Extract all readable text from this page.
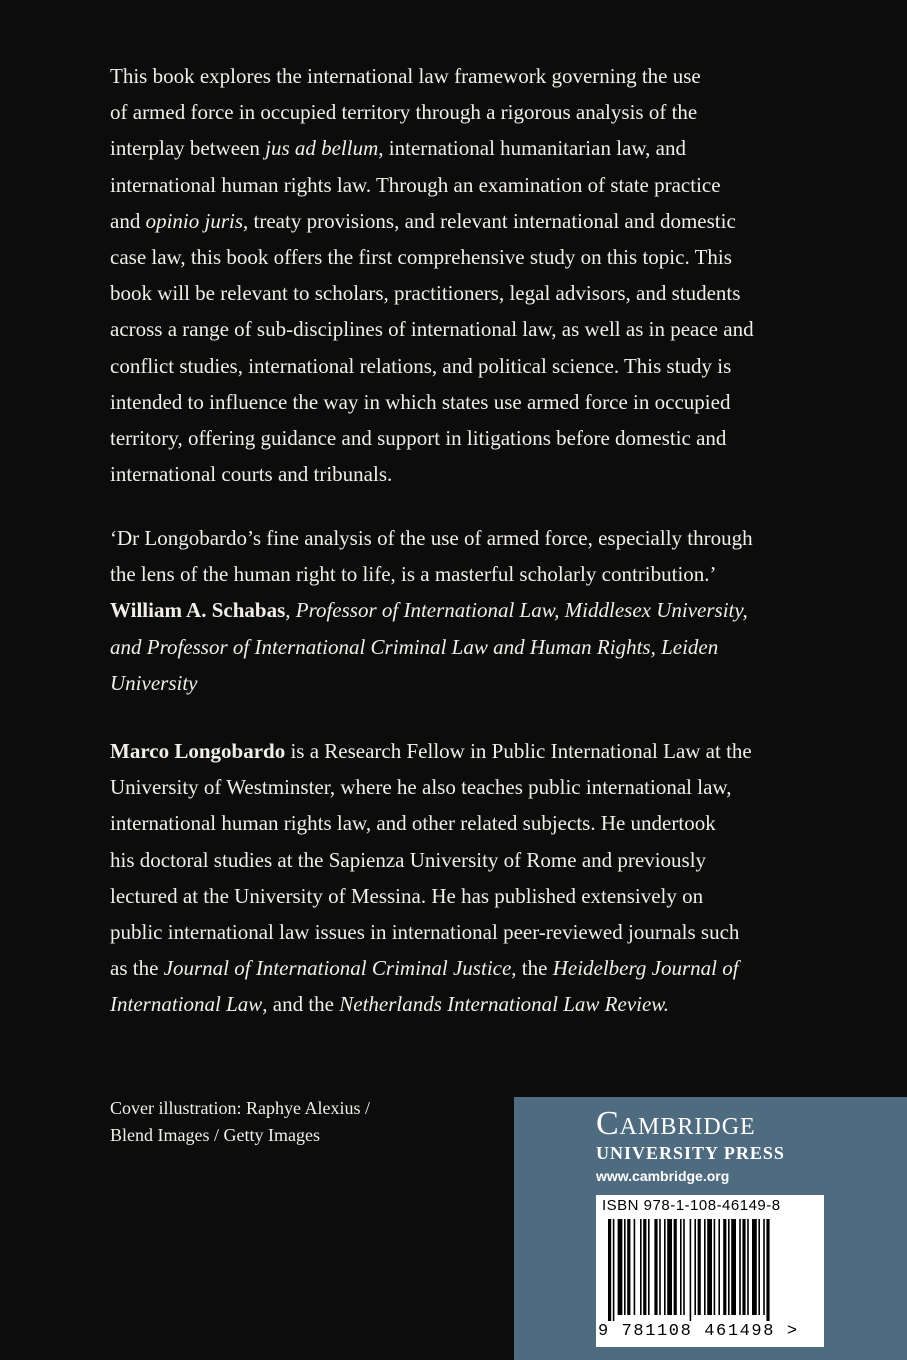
This book explores the international law framework governing the use
of armed force in occupied territory through a rigorous analysis of the
interplay between jus ad bellum, international humanitarian law, and
international human rights law. Through an examination of state practice
and opinio juris, treaty provisions, and relevant international and domestic
case law, this book offers the first comprehensive study on this topic. This
book will be relevant to scholars, practitioners, legal advisors, and students
across a range of sub-disciplines of international law, as well as in peace and
conflict studies, international relations, and political science. This study is
intended to influence the way in which states use armed force in occupied
territory, offering guidance and support in litigations before domestic and
international courts and tribunals.

‘Dr Longobardo’s fine analysis of the use of armed force, especially through
the lens of the human right to life, is a masterful scholarly contribution.’
William A. Schabas, Professor of International Law, Middlesex University,
and Professor of International Criminal Law and Human Rights, Leiden
University

Marco Longobardo is a Research Fellow in Public International Law at the
University of Westminster, where he also teaches public international law,
international human rights law, and other related subjects. He undertook
his doctoral studies at the Sapienza University of Rome and previously
lectured at the University of Messina. He has published extensively on
public international law issues in international peer-reviewed journals such
as the Journal of International Criminal Justice, the Heidelberg Journal of
International Law, and the Netherlands International Law Review.

Cover illustration: Raphye Alexius /
Blend Images / Getty Images	Cambridge
UNIVERSITY PRESS
www.cambridge.org
ISBN 978-1-108-46149-8
9 781108 461498 >
